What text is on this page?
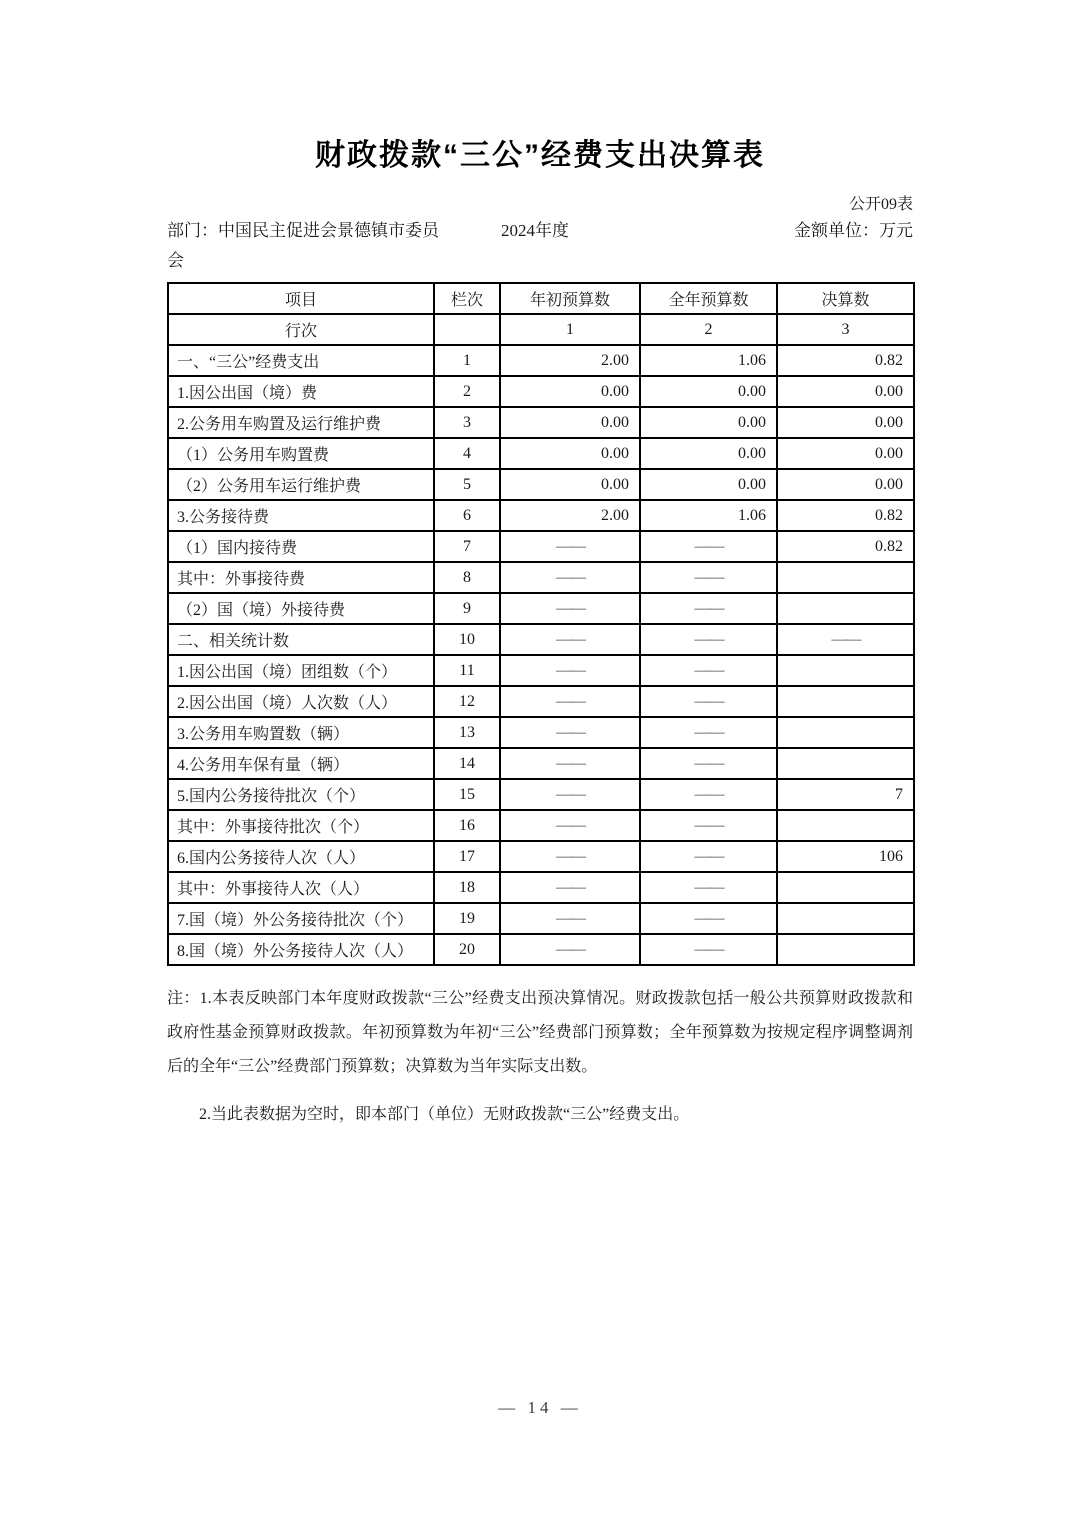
财政拨款“三公”经费支出决算表
公开09表
部门：中国民主促进会景德镇市委员会
2024年度	金额单位：万元
项目	栏次	年初预算数	全年预算数	决算数
行次		1	2	3
一、“三公”经费支出	1	2.00	1.06	0.82
1.因公出国（境）费	2	0.00	0.00	0.00
2.公务用车购置及运行维护费	3	0.00	0.00	0.00
（1）公务用车购置费	4	0.00	0.00	0.00
（2）公务用车运行维护费	5	0.00	0.00	0.00
3.公务接待费	6	2.00	1.06	0.82
（1）国内接待费	7	——	——	0.82
其中：外事接待费	8	——	——	
（2）国（境）外接待费	9	——	——	
二、相关统计数	10	——	——	——
1.因公出国（境）团组数（个）	11	——	——	
2.因公出国（境）人次数（人）	12	——	——	
3.公务用车购置数（辆）	13	——	——	
4.公务用车保有量（辆）	14	——	——	
5.国内公务接待批次（个）	15	——	——	7
其中：外事接待批次（个）	16	——	——	
6.国内公务接待人次（人）	17	——	——	106
其中：外事接待人次（人）	18	——	——	
7.国（境）外公务接待批次（个）	19	——	——	
8.国（境）外公务接待人次（人）	20	——	——	
注：1.本表反映部门本年度财政拨款“三公”经费支出预决算情况。财政拨款包括一般公共预算财政拨款和政府性基金预算财政拨款。年初预算数为年初“三公”经费部门预算数；全年预算数为按规定程序调整调剂后的全年“三公”经费部门预算数；决算数为当年实际支出数。
2.当此表数据为空时，即本部门（单位）无财政拨款“三公”经费支出。
— 14 —
